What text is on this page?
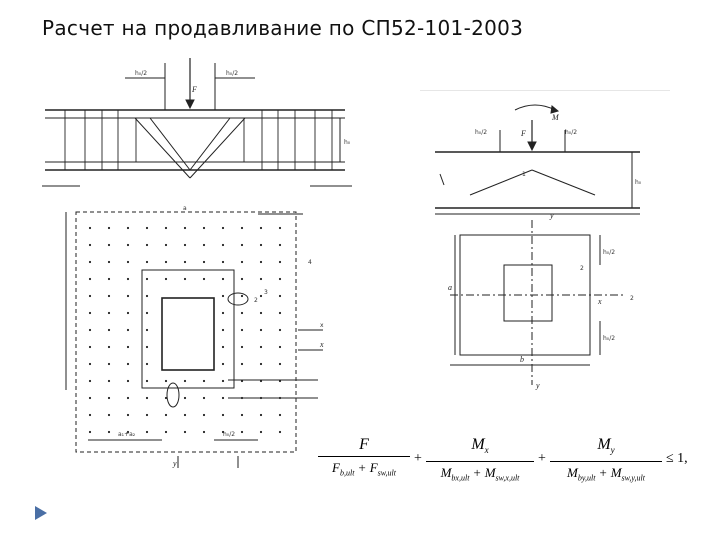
Расчет на продавливание по СП52-101-2003
F
h₀/2	h₀/2
h₀
a
x
2
3
4
a₁+a₂	h₀/2
y
x
M
F
h₀/2	h₀/2
h₀
y
y
x
a
b
1
2
2
h₀/2
h₀/2
F
$F_{b,ult} + F_{sw,ult}$
+
$M_x$
$M_{bx,ult} + M_{sw,x,ult}$
+
$M_y$
$M_{by,ult} + M_{sw,y,ult}$
≤ 1,
